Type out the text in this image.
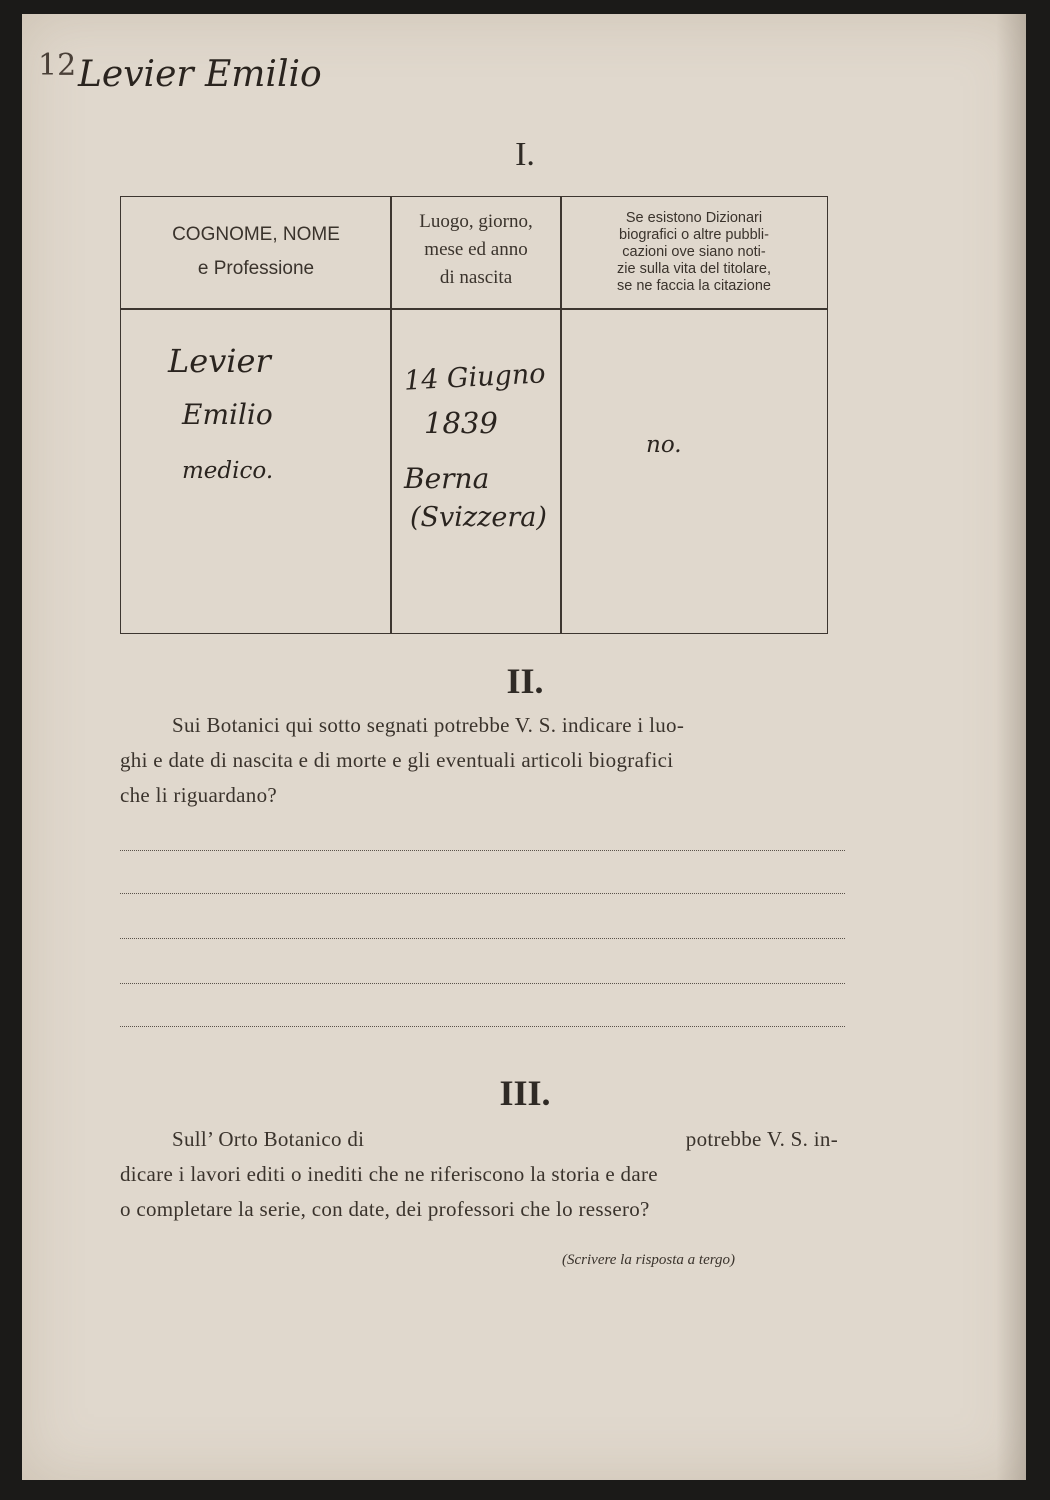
12 Levier Emilio
I.
COGNOME, NOME
e Professione
Luogo, giorno,
mese ed anno
di nascita
Se esistono Dizionari
biografici o altre pubbli-
cazioni ove siano noti-
zie sulla vita del titolare,
se ne faccia la citazione
Levier
Emilio
medico.
14 Giugno
1839
Berna
(Svizzera)
no.
II.
Sui Botanici qui sotto segnati potrebbe V. S. indicare i luo-
ghi e date di nascita e di morte e gli eventuali articoli biografici
che li riguardano?
III.
Sull’ Orto Botanico di	potrebbe V. S. in-
dicare i lavori editi o inediti che ne riferiscono la storia e dare
o completare la serie, con date, dei professori che lo ressero?
(Scrivere la risposta a tergo)
